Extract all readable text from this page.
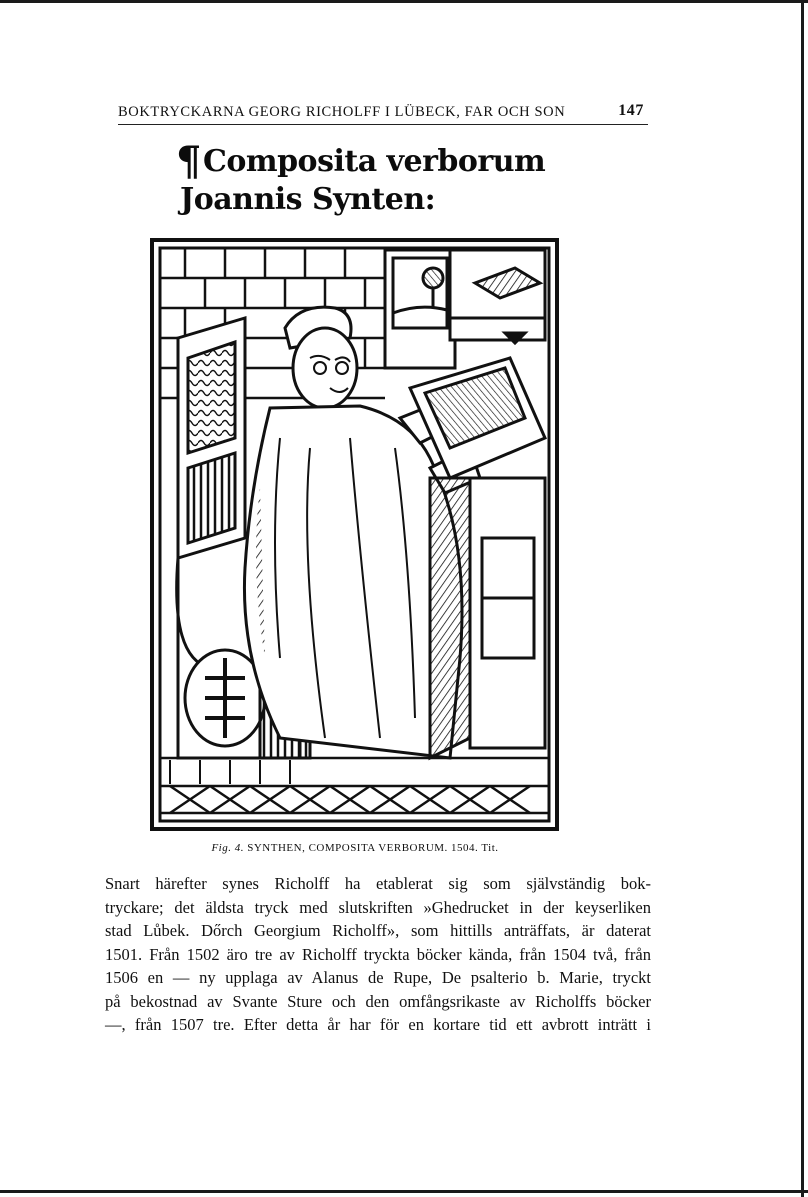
BOKTRYCKARNA GEORG RICHOLFF I LÜBECK, FAR OCH SON	147
¶Composita verborum
Joannis Synten:
Fig. 4. SYNTHEN, COMPOSITA VERBORUM. 1504. Tit.
Snart härefter synes Richolff ha etablerat sig som självständig bok-
tryckare; det äldsta tryck med slutskriften »Ghedrucket in der keyserliken
stad Lůbek. Dőrch Georgium Richolff», som hittills anträffats, är daterat
1501. Från 1502 äro tre av Richolff tryckta böcker kända, från 1504 två, från
1506 en — ny upplaga av Alanus de Rupe, De psalterio b. Marie, tryckt
på bekostnad av Svante Sture och den omfångsrikaste av Richolffs böcker
—, från 1507 tre. Efter detta år har för en kortare tid ett avbrott inträtt i
